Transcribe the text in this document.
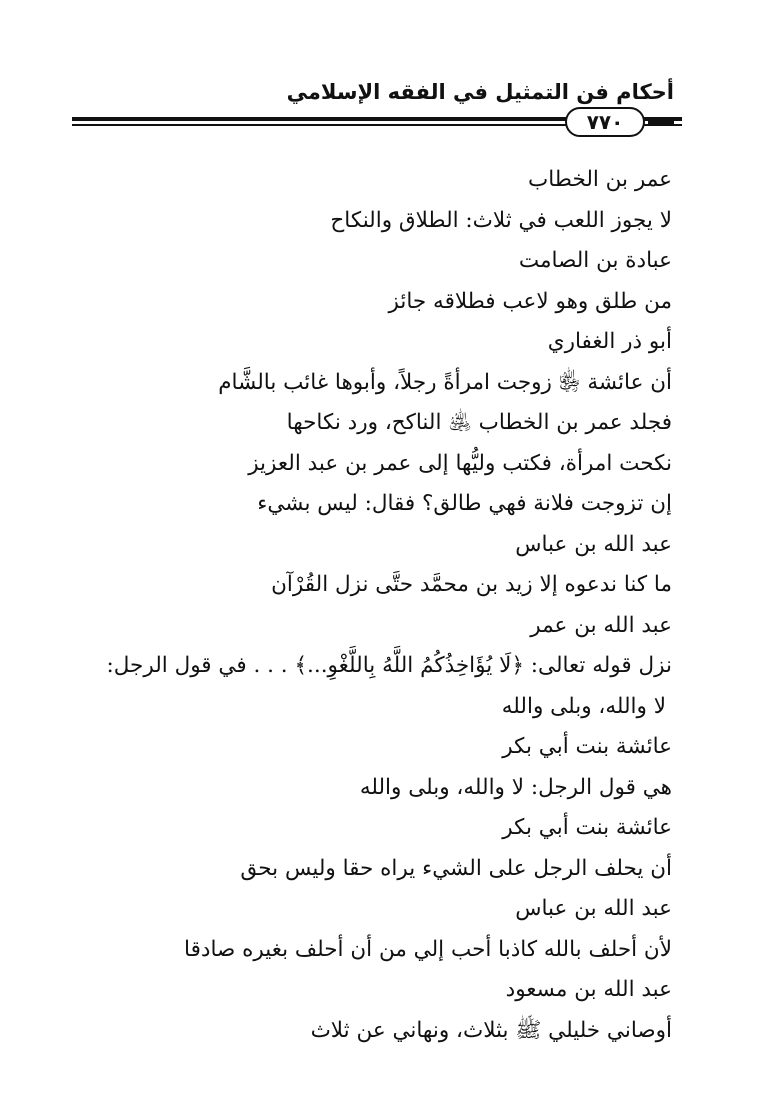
أحكام فن التمثيل في الفقه الإسلامي
٧٧٠
عمر بن الخطاب
لا يجوز اللعب في ثلاث: الطلاق والنكاح
عبادة بن الصامت
من طلق وهو لاعب فطلاقه جائز
أبو ذر الغفاري
أن عائشة ﵂ زوجت امرأةً رجلاً، وأبوها غائب بالشَّام
فجلد عمر بن الخطاب ﵁ الناكح، ورد نكاحها
نكحت امرأة، فكتب وليُّها إلى عمر بن عبد العزيز
إن تزوجت فلانة فهي طالق؟ فقال: ليس بشيء
عبد الله بن عباس
ما كنا ندعوه إلا زيد بن محمَّد حتَّى نزل القُرْآن
عبد الله بن عمر
نزل قوله تعالى: ﴿لَا يُؤَاخِذُكُمُ اللَّهُ بِاللَّغْوِ...﴾ . . . في قول الرجل:
لا والله، وبلى والله
عائشة بنت أبي بكر
هي قول الرجل: لا والله، وبلى والله
عائشة بنت أبي بكر
أن يحلف الرجل على الشيء يراه حقا وليس بحق
عبد الله بن عباس
لأن أحلف بالله كاذبا أحب إلي من أن أحلف بغيره صادقا
عبد الله بن مسعود
أوصاني خليلي ﷺ بثلاث، ونهاني عن ثلاث
